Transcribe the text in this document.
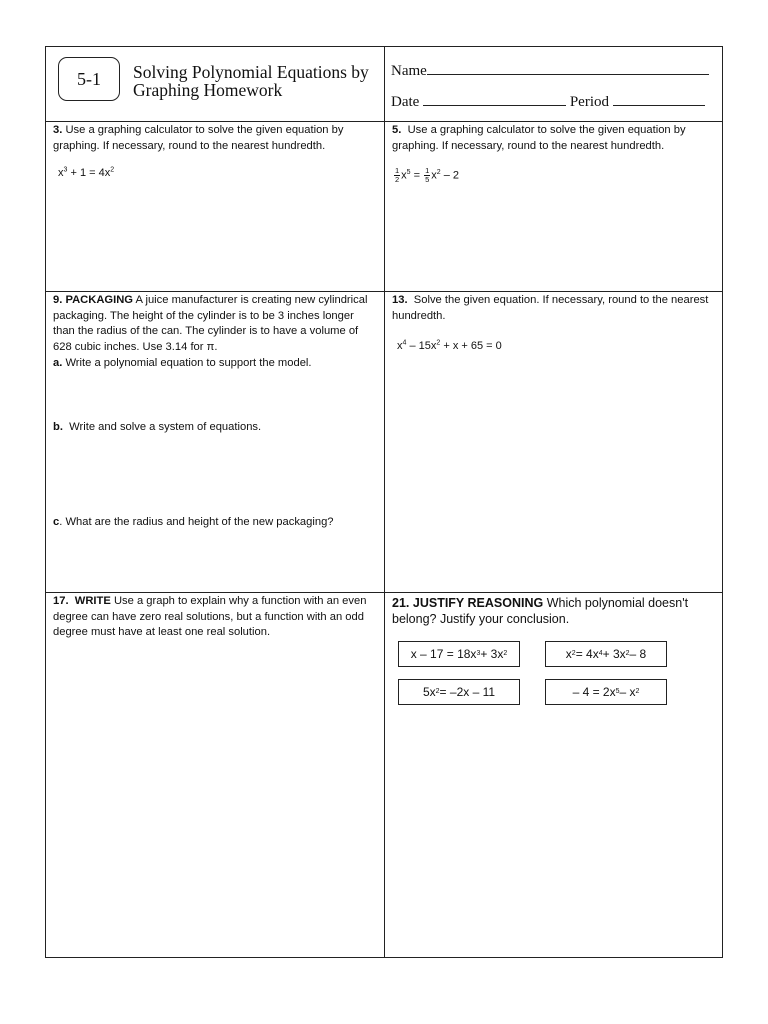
5-1	Solving Polynomial Equations by
Graphing Homework
Name
Date	Period
3. Use a graphing calculator to solve the given equation by graphing. If necessary, round to the nearest hundredth.
$x^3 + 1 = 4x^2$
5. Use a graphing calculator to solve the given equation by graphing. If necessary, round to the nearest hundredth.
$\frac{1}{2} x^5 = \frac{1}{5} x^2 - 2$
9. PACKAGING A juice manufacturer is creating new cylindrical packaging. The height of the cylinder is to be 3 inches longer than the radius of the can. The cylinder is to have a volume of 628 cubic inches. Use 3.14 for π.
a. Write a polynomial equation to support the model.
b. Write and solve a system of equations.
c. What are the radius and height of the new packaging?
13. Solve the given equation. If necessary, round to the nearest hundredth.
$x^4 - 15x^2 + x + 65 = 0$
17. WRITE Use a graph to explain why a function with an even degree can have zero real solutions, but a function with an odd degree must have at least one real solution.
21. JUSTIFY REASONING Which polynomial doesn't belong? Justify your conclusion.
x – 17 = 18x 3 + 3x 2	x 2 = 4x 4 + 3x 2 – 8
5x 2 = –2x – 11	– 4 = 2x 5 – x 2
